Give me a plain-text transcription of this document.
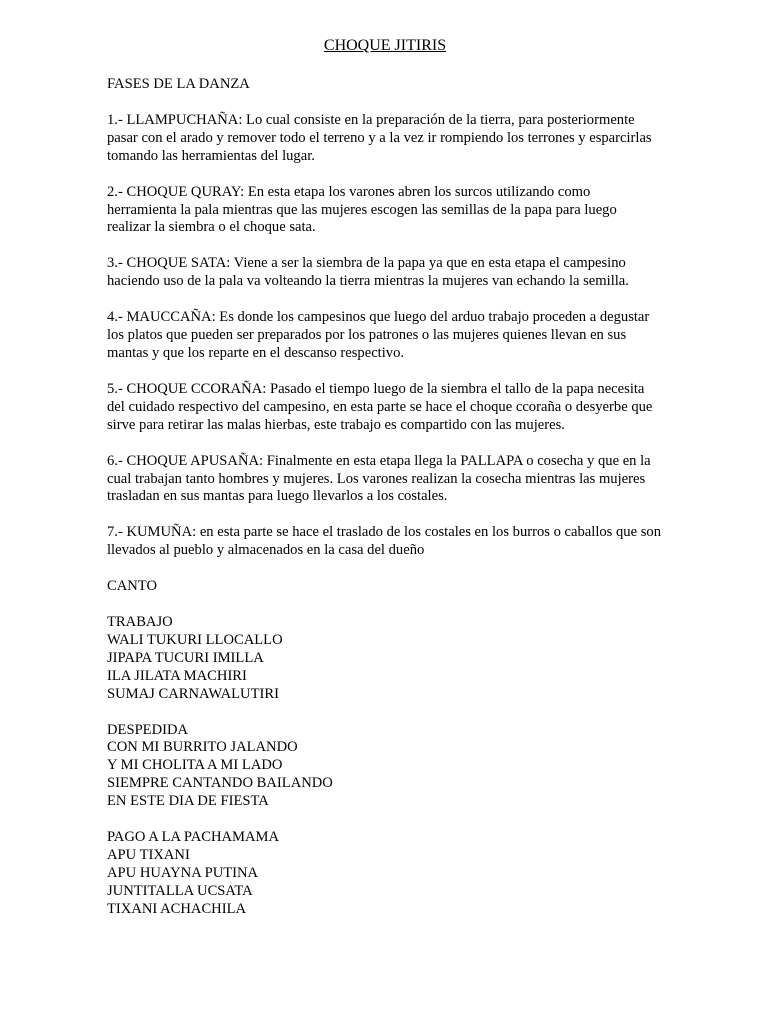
CHOQUE JITIRIS
FASES DE LA DANZA
1.- LLAMPUCHAÑA: Lo cual consiste en la preparación de la tierra, para posteriormente pasar con el arado y remover todo el terreno y a la vez ir rompiendo los terrones y esparcirlas tomando las herramientas del lugar.
2.- CHOQUE QURAY: En esta etapa los varones abren los surcos utilizando como herramienta la pala mientras que las mujeres escogen las semillas de la papa para luego realizar la siembra o el choque sata.
3.- CHOQUE SATA: Viene a ser la siembra de la papa ya que en esta etapa el campesino haciendo uso de la pala va volteando la tierra mientras la mujeres van echando la semilla.
4.- MAUCCAÑA: Es donde los campesinos que luego del arduo trabajo proceden a degustar los platos que pueden ser preparados por los patrones o las mujeres quienes llevan en sus mantas y que los reparte en el descanso respectivo.
5.- CHOQUE CCORAÑA: Pasado el tiempo luego de la siembra el tallo de la papa necesita del cuidado respectivo del campesino, en esta parte se hace el choque ccoraña o desyerbe que sirve para retirar las malas hierbas, este trabajo es compartido con las mujeres.
6.- CHOQUE APUSAÑA: Finalmente en esta etapa llega la PALLAPA o cosecha y que en la cual trabajan tanto hombres y mujeres. Los varones realizan la cosecha mientras las mujeres trasladan en sus mantas para luego llevarlos a los costales.
7.- KUMUÑA: en esta parte se hace el traslado de los costales en los burros o caballos que son llevados al pueblo y almacenados en la casa del dueño
CANTO
TRABAJO
WALI TUKURI LLOCALLO
JIPAPA TUCURI IMILLA
ILA JILATA MACHIRI
SUMAJ CARNAWALUTIRI
DESPEDIDA
CON MI BURRITO JALANDO
Y MI CHOLITA A MI LADO
SIEMPRE CANTANDO BAILANDO
EN ESTE DIA DE FIESTA
PAGO A LA PACHAMAMA
APU TIXANI
APU HUAYNA PUTINA
JUNTITALLA UCSATA
TIXANI ACHACHILA
